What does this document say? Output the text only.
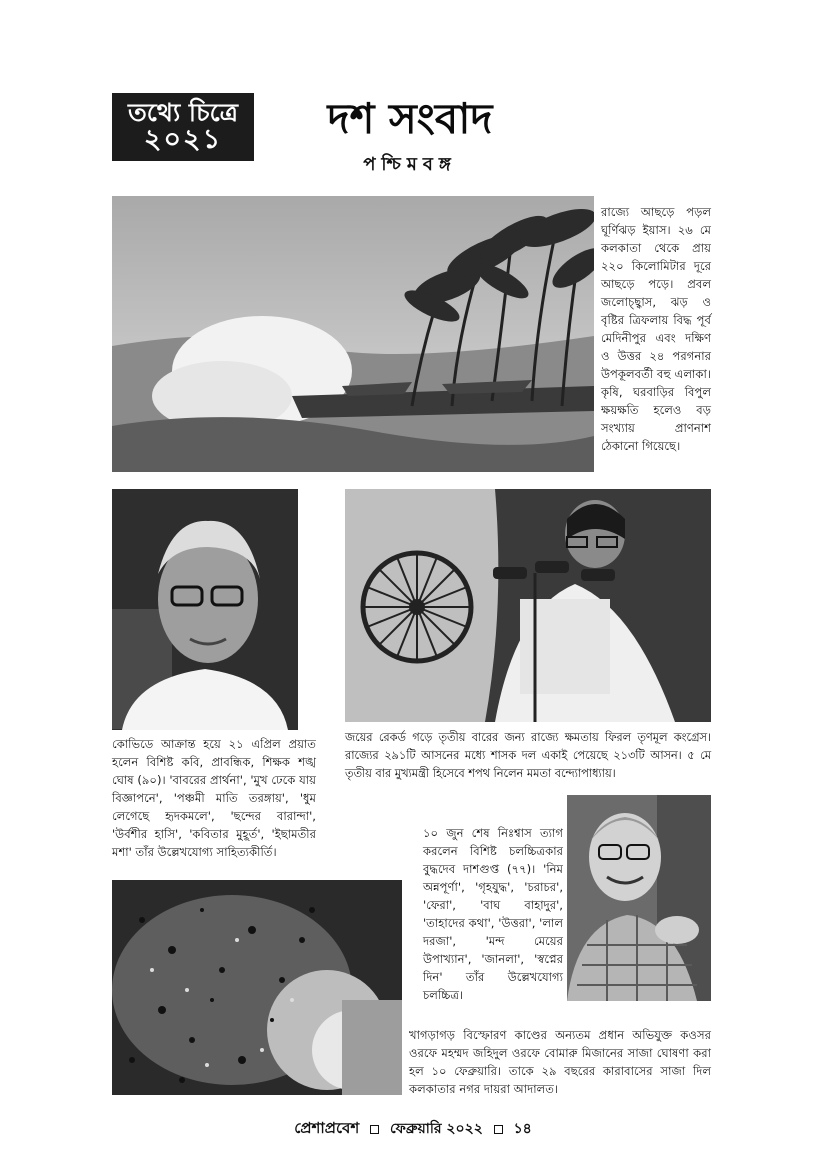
তথ্যে চিত্রে
২০২১	দশ সংবাদ
পশ্চিমবঙ্গ
রাজ্যে আছড়ে পড়ল ঘূর্ণিঝড় ইয়াস। ২৬ মে কলকাতা থেকে প্রায় ২২০ কিলোমিটার দূরে আছড়ে পড়ে। প্রবল জলোচ্ছ্বাস, ঝড় ও বৃষ্টির ত্রিফলায় বিদ্ধ পূর্ব মেদিনীপুর এবং দক্ষিণ ও উত্তর ২৪ পরগনার উপকূলবর্তী বহু এলাকা। কৃষি, ঘরবাড়ির বিপুল ক্ষয়ক্ষতি হলেও বড় সংখ্যায় প্রাণনাশ ঠেকানো গিয়েছে।
কোভিডে আক্রান্ত হয়ে ২১ এপ্রিল প্রয়াত হলেন বিশিষ্ট কবি, প্রাবন্ধিক, শিক্ষক শঙ্খ ঘোষ (৯০)। 'বাবরের প্রার্থনা', 'মুখ ঢেকে যায় বিজ্ঞাপনে', 'পঞ্চমী মাতি তরঙ্গায়', 'ধুম লেগেছে হৃদকমলে', 'ছন্দের বারান্দা', 'উর্বশীর হাসি', 'কবিতার মুহূর্ত', 'ইছামতীর মশা' তাঁর উল্লেখযোগ্য সাহিত্যকীর্তি।
জয়ের রেকর্ড গড়ে তৃতীয় বারের জন্য রাজ্যে ক্ষমতায় ফিরল তৃণমূল কংগ্রেস। রাজ্যের ২৯১টি আসনের মধ্যে শাসক দল একাই পেয়েছে ২১৩টি আসন। ৫ মে তৃতীয় বার মুখ্যমন্ত্রী হিসেবে শপথ নিলেন মমতা বন্দ্যোপাধ্যায়।
১০ জুন শেষ নিঃশ্বাস ত্যাগ করলেন বিশিষ্ট চলচ্চিত্রকার বুদ্ধদেব দাশগুপ্ত (৭৭)। 'নিম অন্নপূর্ণা', 'গৃহযুদ্ধ', 'চরাচর', 'ফেরা', 'বাঘ বাহাদুর', 'তাহাদের কথা', 'উত্তরা', 'লাল দরজা', 'মন্দ মেয়ের উপাখ্যান', 'জানলা', 'স্বপ্নের দিন' তাঁর উল্লেখযোগ্য চলচ্চিত্র।
খাগড়াগড় বিস্ফোরণ কাণ্ডের অন্যতম প্রধান অভিযুক্ত কওসর ওরফে মহম্মদ জহিদুল ওরফে বোমারু মিজানের সাজা ঘোষণা করা হল ১০ ফেব্রুয়ারি। তাকে ২৯ বছরের কারাবাসের সাজা দিল কলকাতার নগর দায়রা আদালত।
প্রেশাপ্রবেশ ফেব্রুয়ারি ২০২২ ১৪
